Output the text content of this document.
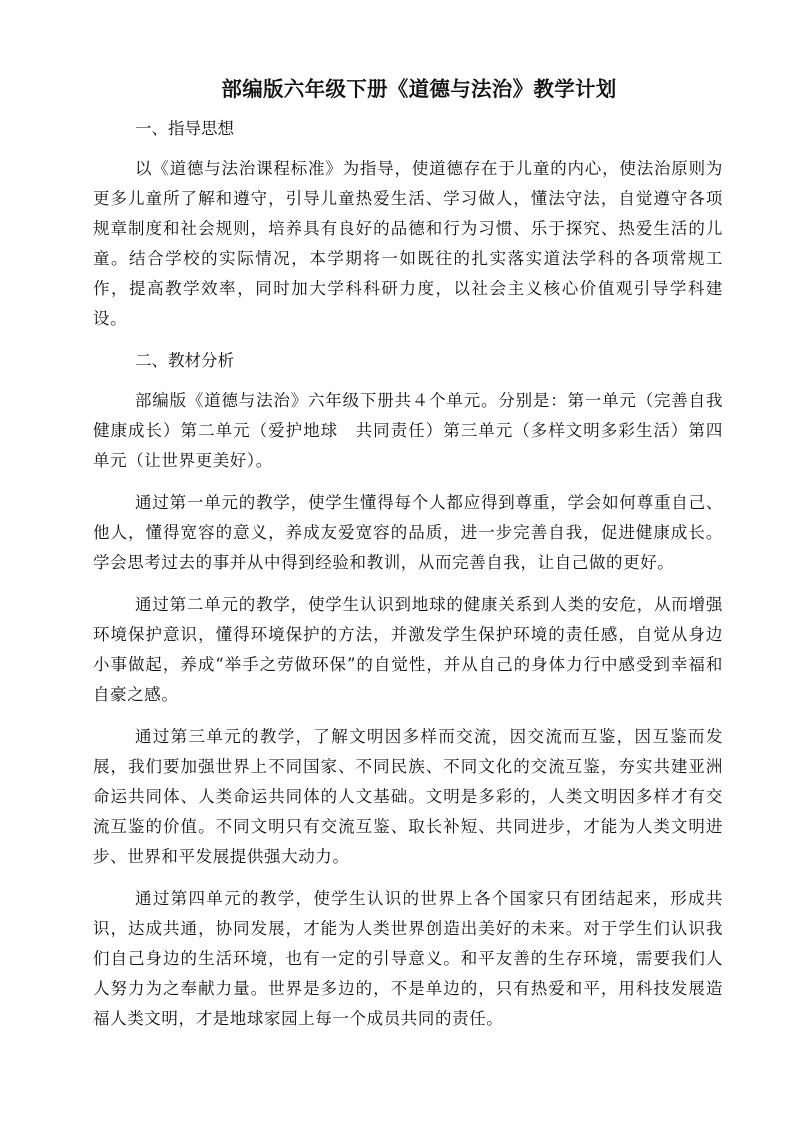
部编版六年级下册《道德与法治》教学计划

一、指导思想

以《道德与法治课程标准》为指导，使道德存在于儿童的内心，使法治原则为更多儿童所了解和遵守，引导儿童热爱生活、学习做人，懂法守法，自觉遵守各项规章制度和社会规则，培养具有良好的品德和行为习惯、乐于探究、热爱生活的儿童。结合学校的实际情况，本学期将一如既往的扎实落实道法学科的各项常规工作，提高教学效率，同时加大学科科研力度，以社会主义核心价值观引导学科建设。

二、教材分析

部编版《道德与法治》六年级下册共４个单元。分别是：第一单元（完善自我健康成长）第二单元（爱护地球　共同责任）第三单元（多样文明多彩生活）第四单元（让世界更美好）。

通过第一单元的教学，使学生懂得每个人都应得到尊重，学会如何尊重自己、他人，懂得宽容的意义，养成友爱宽容的品质，进一步完善自我，促进健康成长。学会思考过去的事并从中得到经验和教训，从而完善自我，让自己做的更好。

通过第二单元的教学，使学生认识到地球的健康关系到人类的安危，从而增强环境保护意识，懂得环境保护的方法，并激发学生保护环境的责任感，自觉从身边小事做起，养成“举手之劳做环保”的自觉性，并从自己的身体力行中感受到幸福和自豪之感。

通过第三单元的教学，了解文明因多样而交流，因交流而互鉴，因互鉴而发展，我们要加强世界上不同国家、不同民族、不同文化的交流互鉴，夯实共建亚洲命运共同体、人类命运共同体的人文基础。文明是多彩的，人类文明因多样才有交流互鉴的价值。不同文明只有交流互鉴、取长补短、共同进步，才能为人类文明进步、世界和平发展提供强大动力。

通过第四单元的教学，使学生认识的世界上各个国家只有团结起来，形成共识，达成共通，协同发展，才能为人类世界创造出美好的未来。对于学生们认识我们自己身边的生活环境，也有一定的引导意义。和平友善的生存环境，需要我们人人努力为之奉献力量。世界是多边的，不是单边的，只有热爱和平，用科技发展造福人类文明，才是地球家园上每一个成员共同的责任。
